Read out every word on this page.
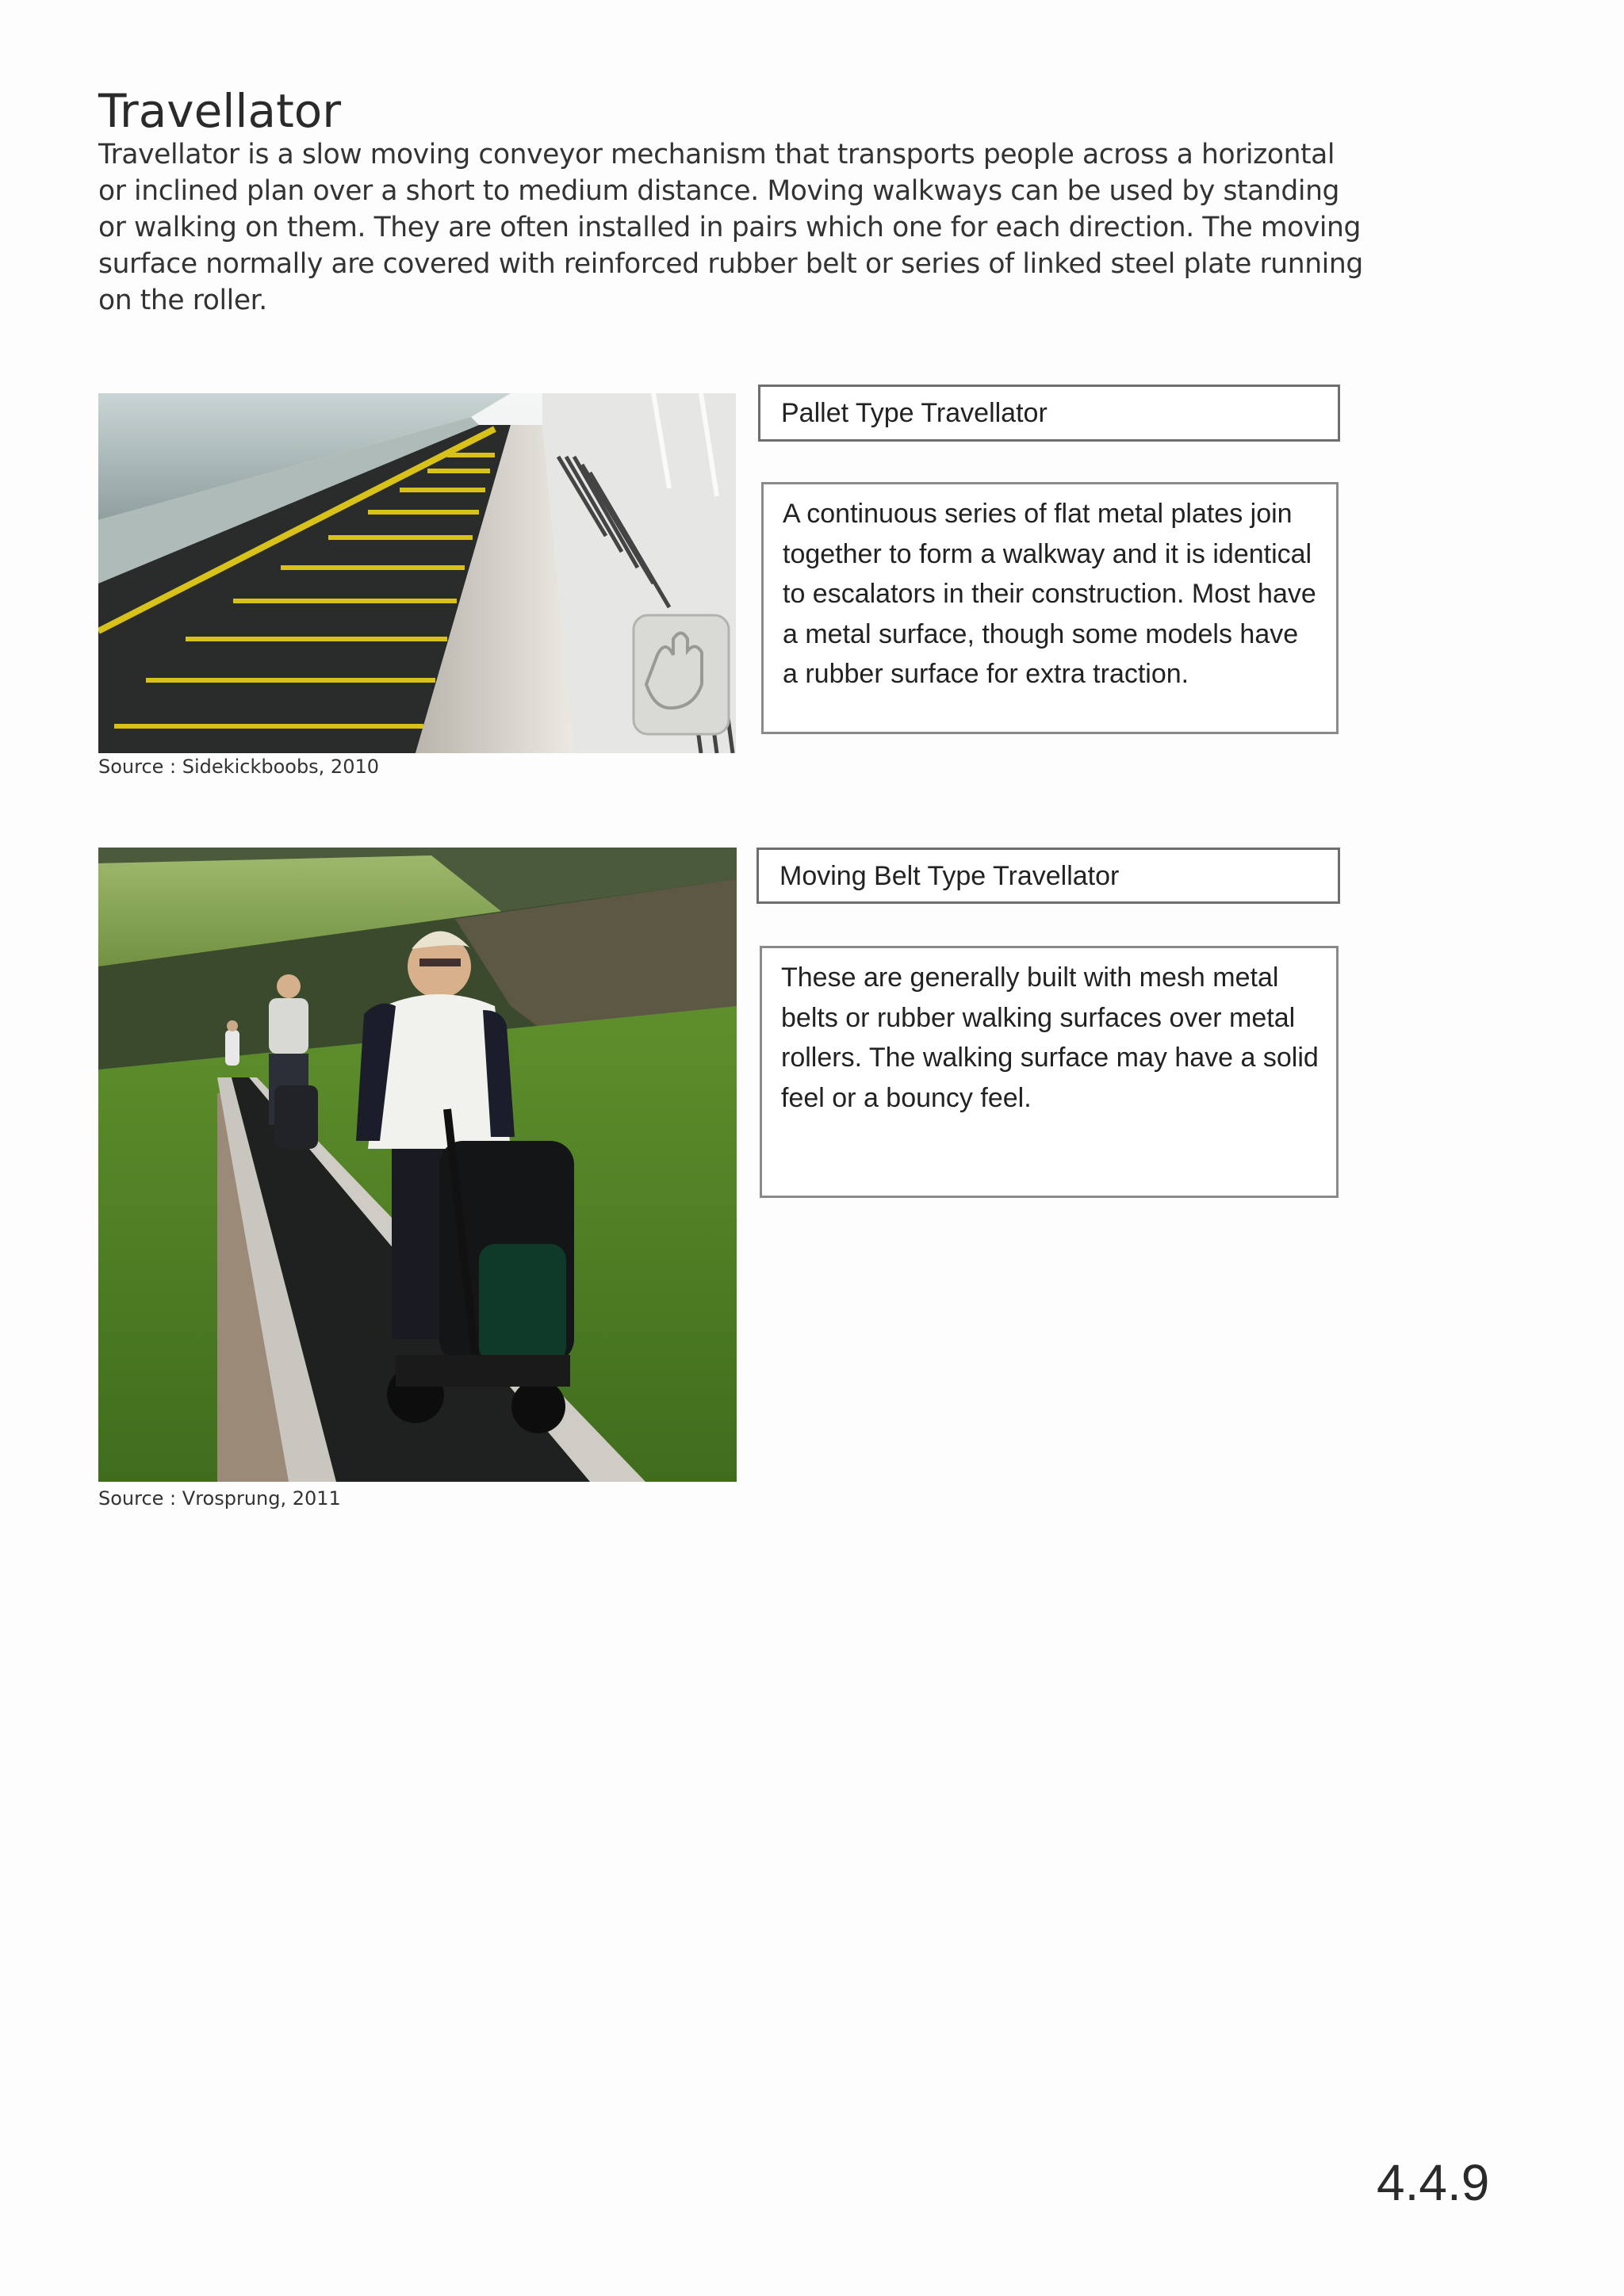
Travellator
Travellator is a slow moving conveyor mechanism that transports people across a horizontal or inclined plan over a short to medium distance. Moving walkways can be used by standing or walking on them. They are often installed in pairs which one for each direction. The moving surface normally are covered with reinforced rubber belt or series of linked steel plate running on the roller.
Source : Sidekickboobs, 2010
Pallet Type Travellator
A continuous series of flat metal plates join together to form a walkway and it is identical to escalators in their construction. Most have a metal surface, though some models have a rubber surface for extra traction.
Source : Vrosprung, 2011
Moving Belt Type Travellator
These are generally built with mesh metal belts or rubber walking surfaces over metal rollers. The walking surface may have a solid feel or a bouncy feel.
4.4.9
